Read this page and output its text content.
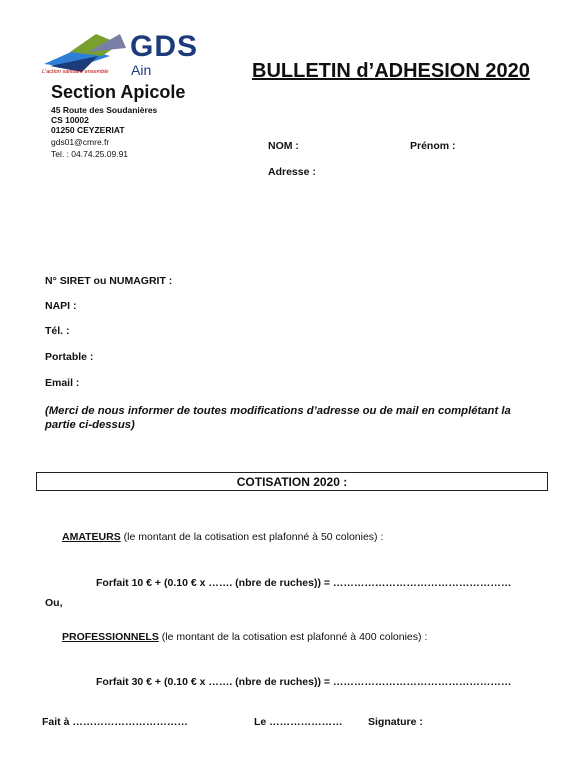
GDS
Ain
L'action sanitaire ensemble
Section Apicole
45 Route des Soudanières
CS 10002
01250 CEYZERIAT
gds01@cmre.fr
Tel. : 04.74.25.09.91
BULLETIN d’ADHESION 2020
NOM :	Prénom :
Adresse :
N° SIRET ou NUMAGRIT :
NAPI :
Tél. :
Portable :
Email :
(Merci de nous informer de toutes modifications d’adresse ou de mail en complétant la partie ci-dessus)
COTISATION 2020 :
AMATEURS (le montant de la cotisation est plafonné à 50 colonies) :
Forfait 10 € + (0.10 € x ……. (nbre de ruches)) = ……………………………………………
Ou,
PROFESSIONNELS (le montant de la cotisation est plafonné à 400 colonies) :
Forfait 30 € + (0.10 € x ……. (nbre de ruches)) = ……………………………………………
Fait à ……………………………	Le ………………… Signature :
